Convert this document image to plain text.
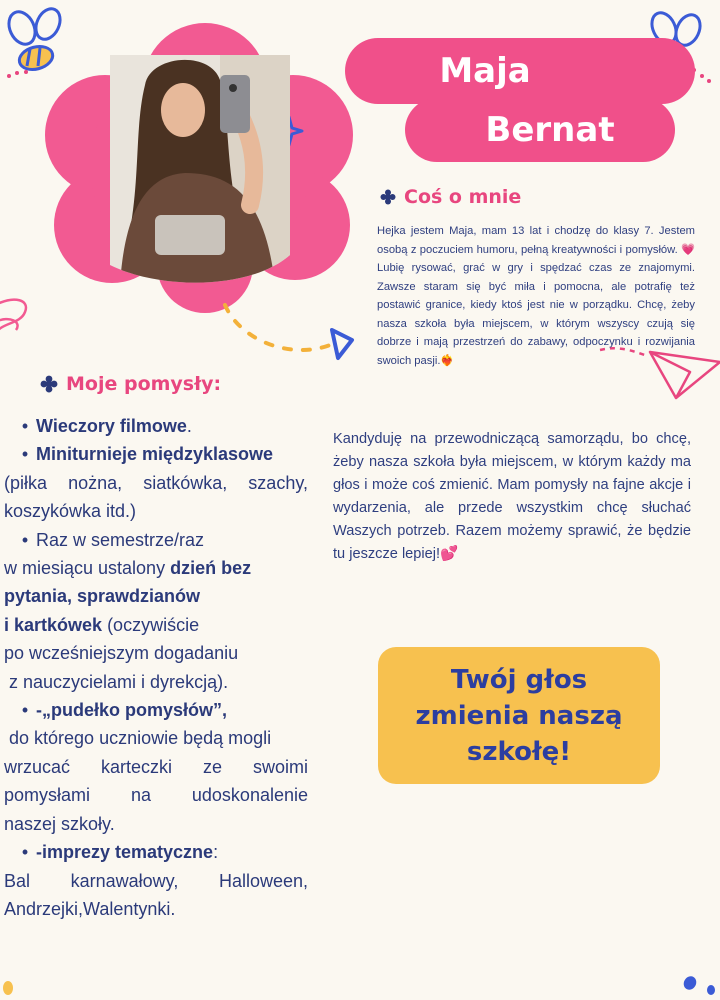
Maja
Bernat
Coś o mnie
Hejka jestem Maja, mam 13 lat i chodzę do klasy 7. Jestem osobą z poczuciem humoru, pełną kreatywności i pomysłów. 💗 Lubię rysować, grać w gry i spędzać czas ze znajomymi. Zawsze staram się być miła i pomocna, ale potrafię też postawić granice, kiedy ktoś jest nie w porządku. Chcę, żeby nasza szkoła była miejscem, w którym wszyscy czują się dobrze i mają przestrzeń do zabawy, odpoczynku i rozwijania swoich pasji.❤️‍🔥
Moje pomysły:
• Wieczory filmowe.
• Miniturnieje międzyklasowe
(piłka nożna, siatkówka, szachy,
koszykówka itd.)
• Raz w semestrze/raz
w miesiącu ustalony dzień bez
pytania, sprawdzianów
i kartkówek (oczywiście
po wcześniejszym dogadaniu
z nauczycielami i dyrekcją).
• -„pudełko pomysłów”,
do którego uczniowie będą mogli
wrzucać karteczki ze swoimi
pomysłami na udoskonalenie
naszej szkoły.
• -imprezy tematyczne:
Bal karnawałowy, Halloween,
Andrzejki,Walentynki.
Kandyduję na przewodniczącą samorządu, bo chcę, żeby nasza szkoła była miejscem, w którym każdy ma głos i może coś zmienić. Mam pomysły na fajne akcje i wydarzenia, ale przede wszystkim chcę słuchać Waszych potrzeb. Razem możemy sprawić, że będzie tu jeszcze lepiej!💕
Twój głos
zmienia naszą
szkołę!
